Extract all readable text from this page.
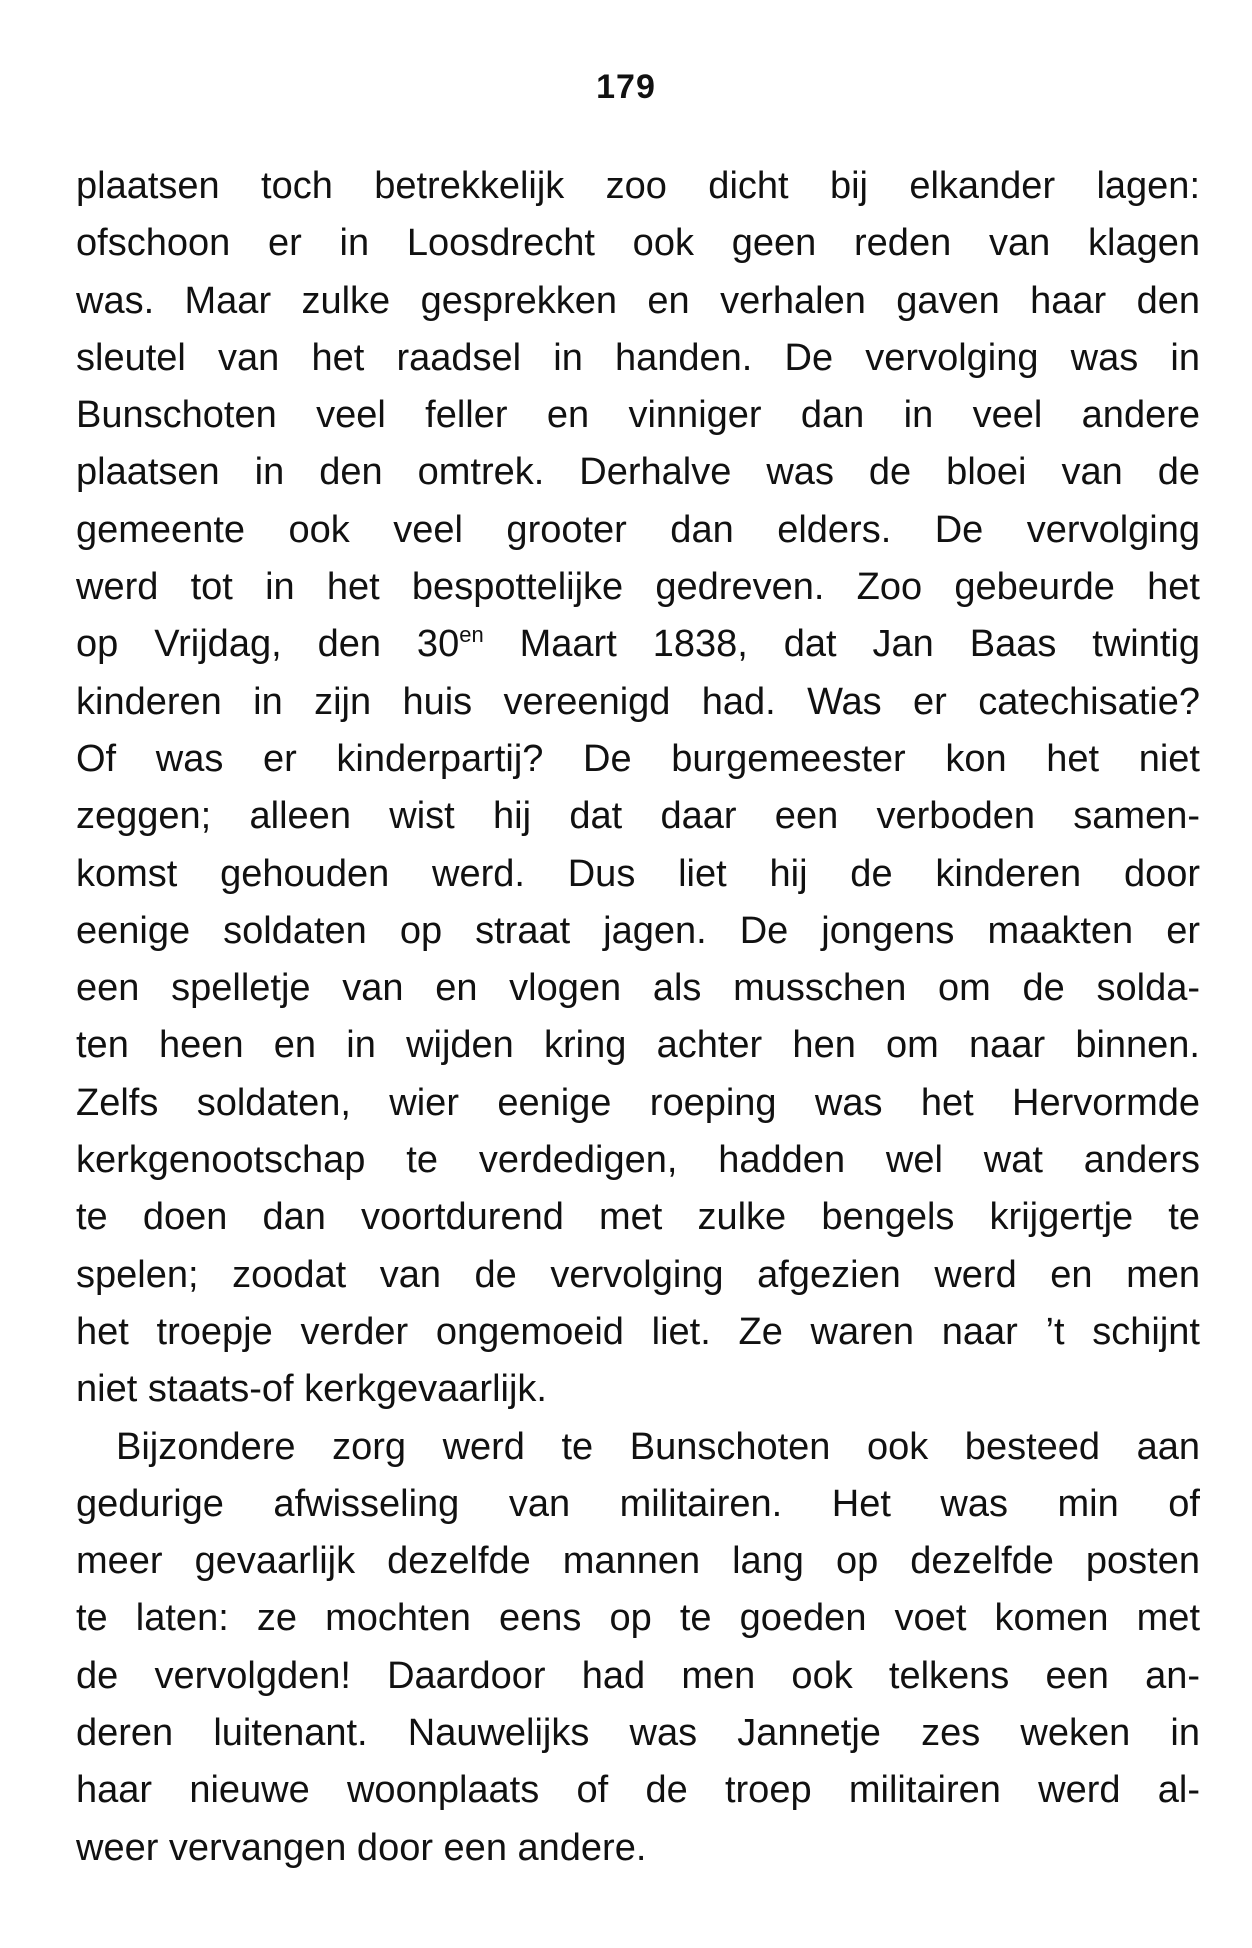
179
plaatsen toch betrekkelijk zoo dicht bij elkander lagen:
ofschoon er in Loosdrecht ook geen reden van klagen
was. Maar zulke gesprekken en verhalen gaven haar den
sleutel van het raadsel in handen. De vervolging was in
Bunschoten veel feller en vinniger dan in veel andere
plaatsen in den omtrek. Derhalve was de bloei van de
gemeente ook veel grooter dan elders. De vervolging
werd tot in het bespottelijke gedreven. Zoo gebeurde het
op Vrijdag, den $30^{en}$ Maart 1838, dat Jan Baas twintig
kinderen in zijn huis vereenigd had. Was er catechisatie?
Of was er kinderpartij? De burgemeester kon het niet
zeggen; alleen wist hij dat daar een verboden samen-
komst gehouden werd. Dus liet hij de kinderen door
eenige soldaten op straat jagen. De jongens maakten er
een spelletje van en vlogen als musschen om de solda-
ten heen en in wijden kring achter hen om naar binnen.
Zelfs soldaten, wier eenige roeping was het Hervormde
kerkgenootschap te verdedigen, hadden wel wat anders
te doen dan voortdurend met zulke bengels krijgertje te
spelen; zoodat van de vervolging afgezien werd en men
het troepje verder ongemoeid liet. Ze waren naar ’t schijnt
niet staats-of kerkgevaarlijk.
Bijzondere zorg werd te Bunschoten ook besteed aan
gedurige afwisseling van militairen. Het was min of
meer gevaarlijk dezelfde mannen lang op dezelfde posten
te laten: ze mochten eens op te goeden voet komen met
de vervolgden! Daardoor had men ook telkens een an-
deren luitenant. Nauwelijks was Jannetje zes weken in
haar nieuwe woonplaats of de troep militairen werd al-
weer vervangen door een andere.
